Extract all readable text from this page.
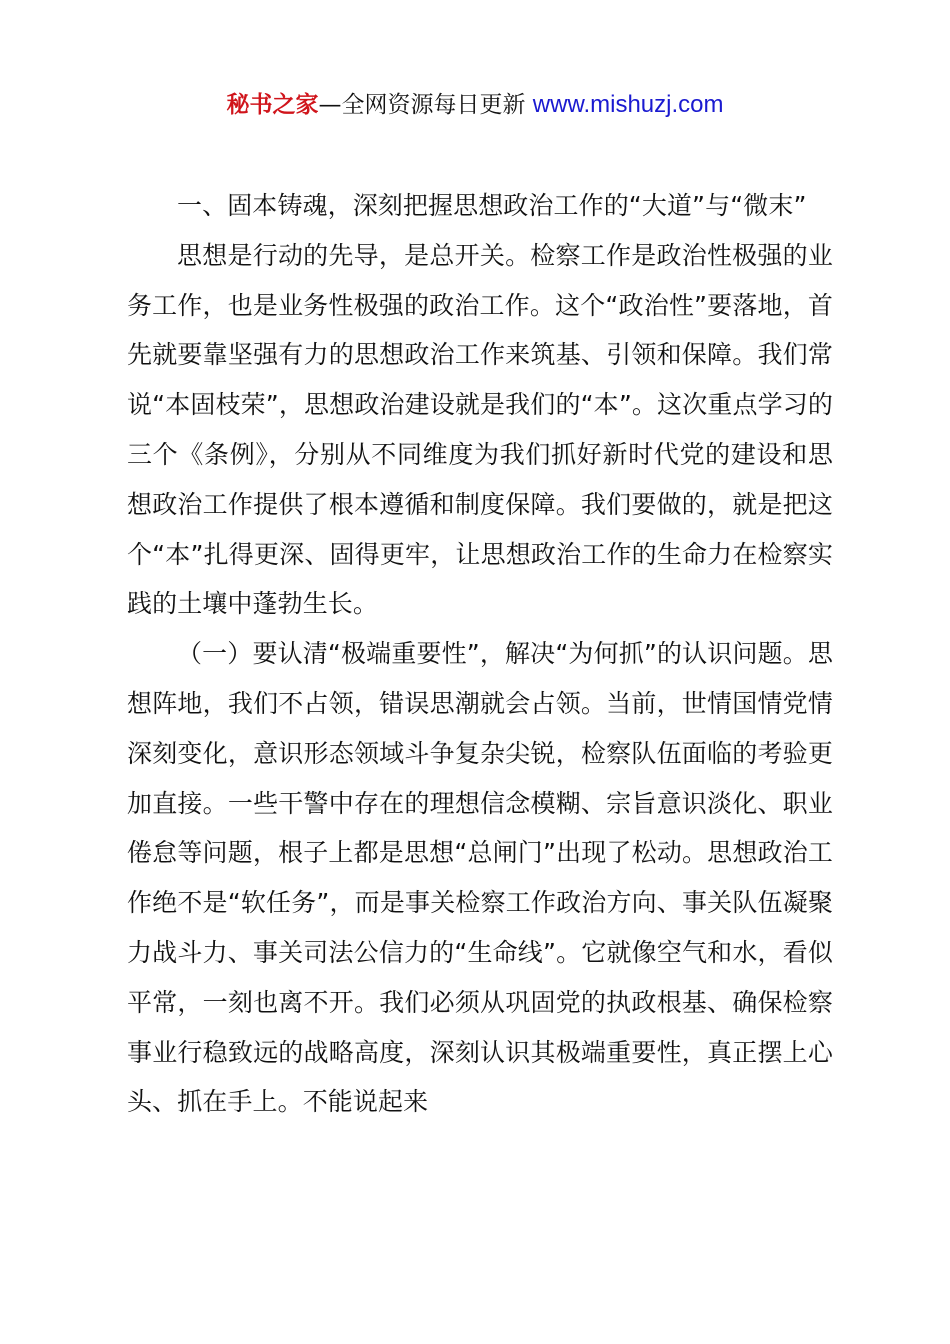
秘书之家—全网资源每日更新 www.mishuzj.com

一、固本铸魂，深刻把握思想政治工作的“大道”与“微末”

思想是行动的先导，是总开关。检察工作是政治性极强的业务工作，也是业务性极强的政治工作。这个“政治性”要落地，首先就要靠坚强有力的思想政治工作来筑基、引领和保障。我们常说“本固枝荣”，思想政治建设就是我们的“本”。这次重点学习的三个《条例》，分别从不同维度为我们抓好新时代党的建设和思想政治工作提供了根本遵循和制度保障。我们要做的，就是把这个“本”扎得更深、固得更牢，让思想政治工作的生命力在检察实践的土壤中蓬勃生长。

（一）要认清“极端重要性”，解决“为何抓”的认识问题。思想阵地，我们不占领，错误思潮就会占领。当前，世情国情党情深刻变化，意识形态领域斗争复杂尖锐，检察队伍面临的考验更加直接。一些干警中存在的理想信念模糊、宗旨意识淡化、职业倦怠等问题，根子上都是思想“总闸门”出现了松动。思想政治工作绝不是“软任务”，而是事关检察工作政治方向、事关队伍凝聚力战斗力、事关司法公信力的“生命线”。它就像空气和水，看似平常，一刻也离不开。我们必须从巩固党的执政根基、确保检察事业行稳致远的战略高度，深刻认识其极端重要性，真正摆上心头、抓在手上。不能说起来
